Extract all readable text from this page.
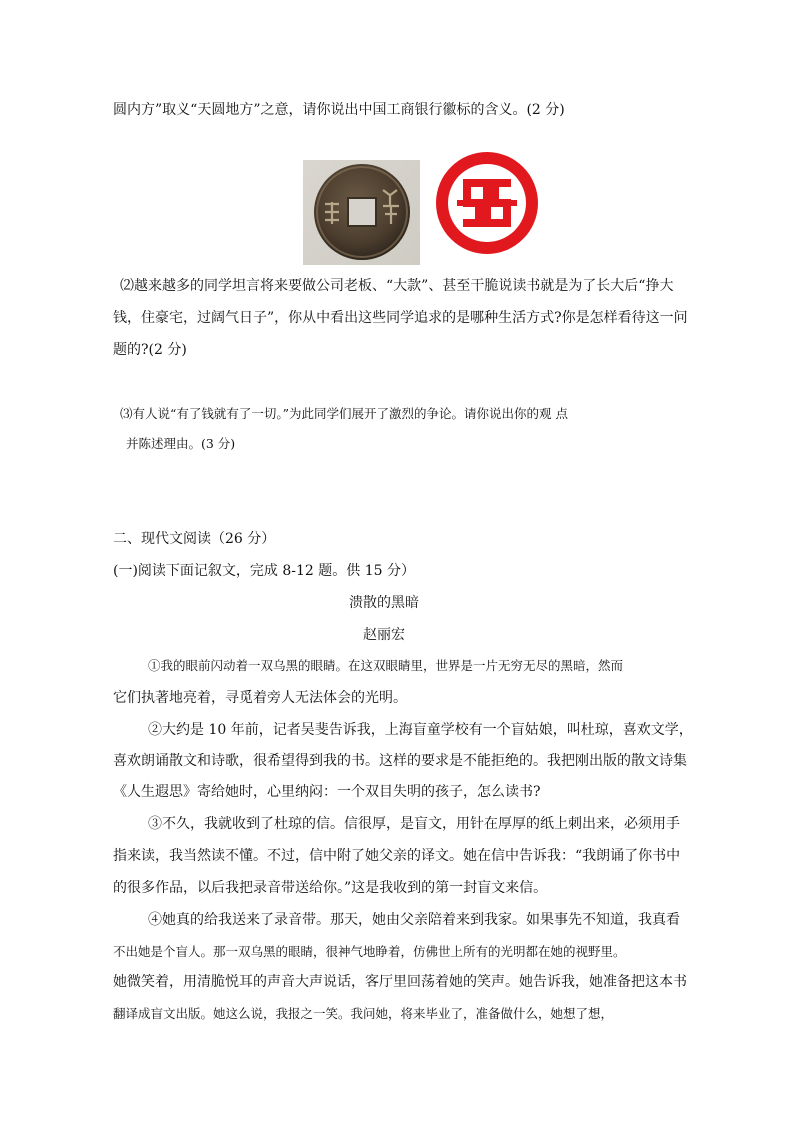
圆内方”取义“天圆地方”之意，请你说出中国工商银行徽标的含义。(2 分)
⑵越来越多的同学坦言将来要做公司老板、“大款”、甚至干脆说读书就是为了长大后“挣大
钱，住豪宅，过阔气日子”，你从中看出这些同学追求的是哪种生活方式?你是怎样看待这一问
题的?(2 分)
⑶有人说“有了钱就有了一切。”为此同学们展开了激烈的争论。请你说出你的观 点
并陈述理由。(3 分)
二、现代文阅读（26 分）
(一)阅读下面记叙文，完成 8-12 题。供 15 分）
溃散的黑暗
赵丽宏
①我的眼前闪动着一双乌黑的眼睛。在这双眼睛里，世界是一片无穷无尽的黑暗，然而
它们执著地亮着，寻觅着旁人无法体会的光明。
②大约是 10 年前，记者吴斐告诉我，上海盲童学校有一个盲姑娘，叫杜琼，喜欢文学，
喜欢朗诵散文和诗歌，很希望得到我的书。这样的要求是不能拒绝的。我把刚出版的散文诗集
《人生遐思》寄给她时，心里纳闷：一个双目失明的孩子，怎么读书?
③不久，我就收到了杜琼的信。信很厚，是盲文，用针在厚厚的纸上刺出来，必须用手
指来读，我当然读不懂。不过，信中附了她父亲的译文。她在信中告诉我：“我朗诵了你书中
的很多作品，以后我把录音带送给你。”这是我收到的第一封盲文来信。
④她真的给我送来了录音带。那天，她由父亲陪着来到我家。如果事先不知道，我真看
不出她是个盲人。那一双乌黑的眼睛，很神气地睁着，仿佛世上所有的光明都在她的视野里。
她微笑着，用清脆悦耳的声音大声说话，客厅里回荡着她的笑声。她告诉我，她准备把这本书
翻译成盲文出版。她这么说，我报之一笑。我问她，将来毕业了，准备做什么，她想了想，
